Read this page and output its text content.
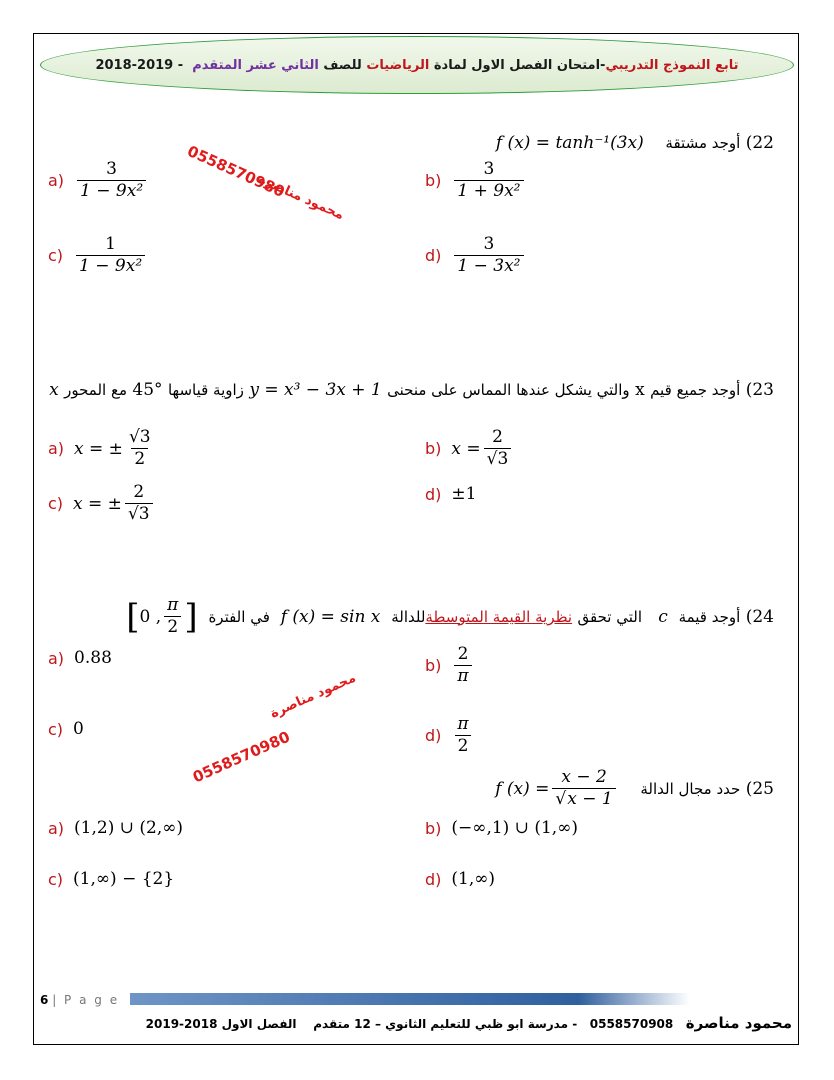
تابع النموذج التدريبي
-امتحان الفصل الاول لمادة

الرياضيات

للصف

الثاني عشر المتقدم

- 2018-2019
0558570980
محمود مناصرة
محمود مناصرة
0558570980
22) أوجد مشتقة    f (x) = tanh⁻¹(3x)
$a) \frac{3}{\text{1 − 9x²}}$	$b) \frac{3}{\text{1 + 9x²}}$
$c) \frac{1}{\text{1 − 9x²}}$	$d) \frac{3}{\text{1 − 3x²}}$
23) أوجد جميع قيم x والتي يشكل عندها المماس على منحنى y = x³ − 3x + 1 زاوية قياسها 45° مع المحور x
a) x = ± $\frac{√3}{2}$	b) $x = \frac{2}{√3}$
c) x = ± $\frac{2}{√3}$	d) ±1
24)

أوجد قيمة

c

التي تحقق

نظرية القيمة المتوسطة
للدالة

f (x) = sin x

في الفترة

[ 0 , $\frac{\pi}{2}$ ]
a) 0.88	$b) \frac{2}{\pi}$
c) 0	$d) \frac{\pi}{2}$
25)

حدد مجال الدالة

f $(x) = \frac{x - 2}{√x - 1}$
a) (1,2) ∪ (2,∞)	b) (−∞,1) ∪ (1,∞)
c) (1,∞) − {2}	d) (1,∞)
6 | P a g e
محمود مناصرة   0558570908   - مدرسة ابو ظبي للتعليم الثانوي – 12 متقدم    الفصل الاول 2018-2019
